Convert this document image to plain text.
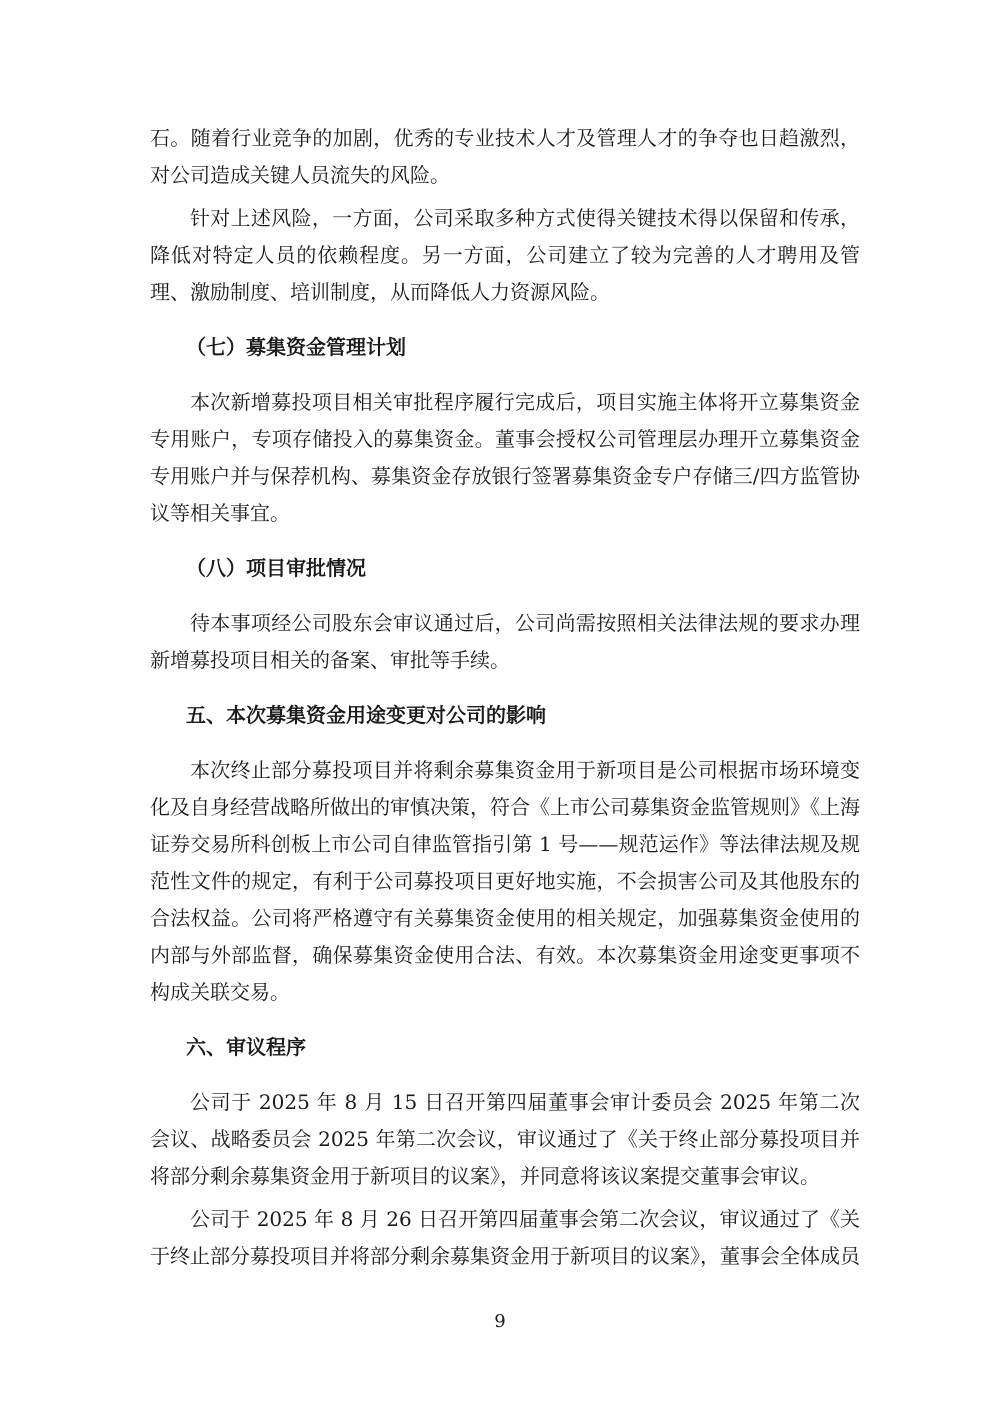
石。随着行业竞争的加剧，优秀的专业技术人才及管理人才的争夺也日趋激烈，对公司造成关键人员流失的风险。

针对上述风险，一方面，公司采取多种方式使得关键技术得以保留和传承，降低对特定人员的依赖程度。另一方面，公司建立了较为完善的人才聘用及管理、激励制度、培训制度，从而降低人力资源风险。

（七）募集资金管理计划

本次新增募投项目相关审批程序履行完成后，项目实施主体将开立募集资金专用账户，专项存储投入的募集资金。董事会授权公司管理层办理开立募集资金专用账户并与保荐机构、募集资金存放银行签署募集资金专户存储三/四方监管协议等相关事宜。

（八）项目审批情况

待本事项经公司股东会审议通过后，公司尚需按照相关法律法规的要求办理新增募投项目相关的备案、审批等手续。

五、本次募集资金用途变更对公司的影响

本次终止部分募投项目并将剩余募集资金用于新项目是公司根据市场环境变化及自身经营战略所做出的审慎决策，符合《上市公司募集资金监管规则》《上海证券交易所科创板上市公司自律监管指引第 1 号——规范运作》等法律法规及规范性文件的规定，有利于公司募投项目更好地实施，不会损害公司及其他股东的合法权益。公司将严格遵守有关募集资金使用的相关规定，加强募集资金使用的内部与外部监督，确保募集资金使用合法、有效。本次募集资金用途变更事项不构成关联交易。

六、审议程序

公司于 2025 年 8 月 15 日召开第四届董事会审计委员会 2025 年第二次会议、战略委员会 2025 年第二次会议，审议通过了《关于终止部分募投项目并将部分剩余募集资金用于新项目的议案》，并同意将该议案提交董事会审议。

公司于 2025 年 8 月 26 日召开第四届董事会第二次会议，审议通过了《关于终止部分募投项目并将部分剩余募集资金用于新项目的议案》，董事会全体成员

9
